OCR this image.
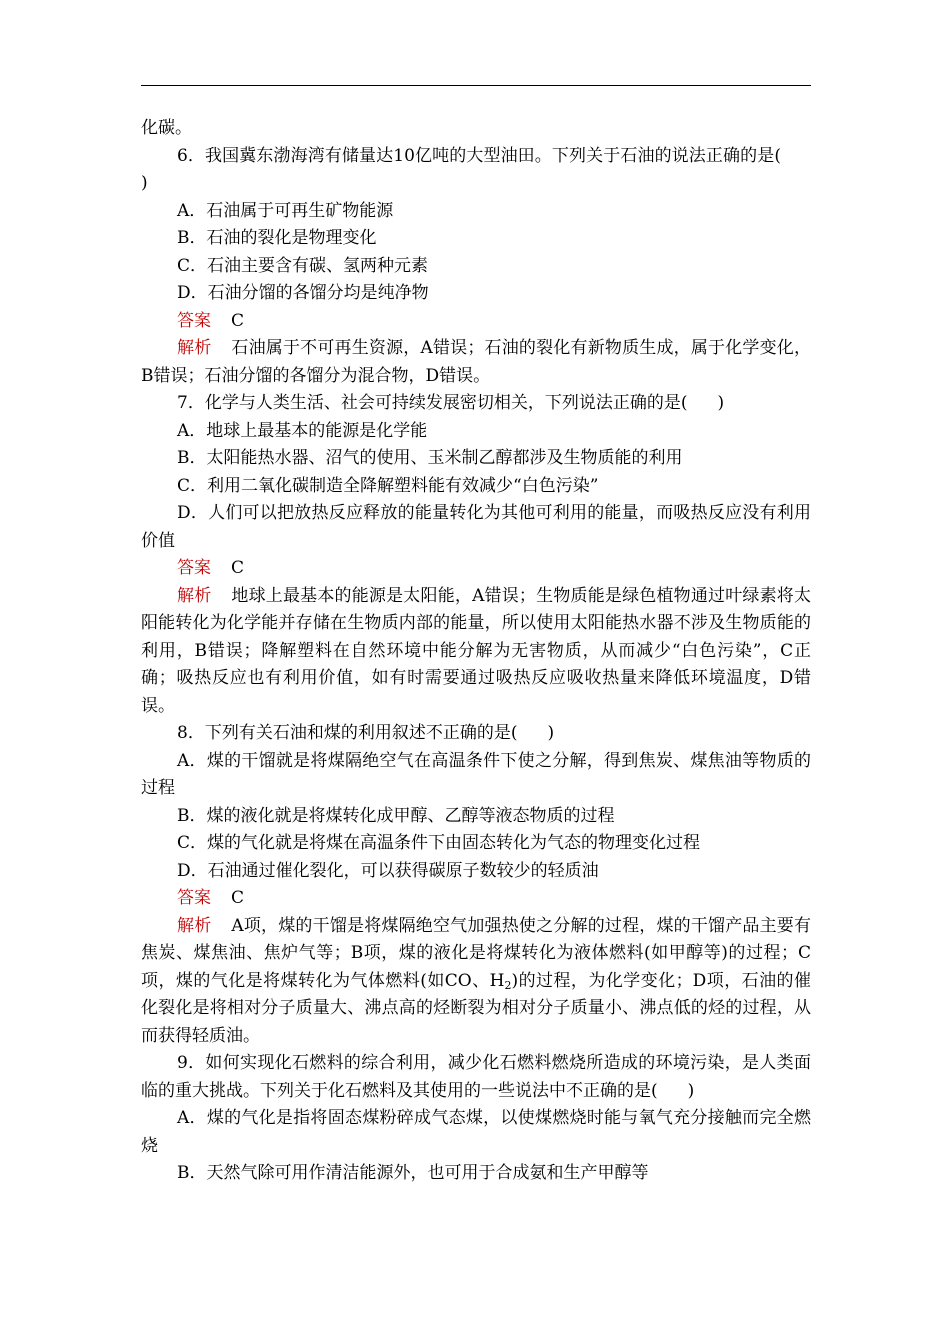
化碳。

6．我国冀东渤海湾有储量达10亿吨的大型油田。下列关于石油的说法正确的是()

A．石油属于可再生矿物能源

B．石油的裂化是物理变化

C．石油主要含有碳、氢两种元素

D．石油分馏的各馏分均是纯净物

答案 C

解析 石油属于不可再生资源，A错误；石油的裂化有新物质生成，属于化学变化，B错误；石油分馏的各馏分为混合物，D错误。

7．化学与人类生活、社会可持续发展密切相关，下列说法正确的是( )

A．地球上最基本的能源是化学能

B．太阳能热水器、沼气的使用、玉米制乙醇都涉及生物质能的利用

C．利用二氧化碳制造全降解塑料能有效减少“白色污染”

D．人们可以把放热反应释放的能量转化为其他可利用的能量，而吸热反应没有利用价值

答案 C

解析 地球上最基本的能源是太阳能，A错误；生物质能是绿色植物通过叶绿素将太阳能转化为化学能并存储在生物质内部的能量，所以使用太阳能热水器不涉及生物质能的利用，B错误；降解塑料在自然环境中能分解为无害物质，从而减少“白色污染”，C正确；吸热反应也有利用价值，如有时需要通过吸热反应吸收热量来降低环境温度，D错误。

8．下列有关石油和煤的利用叙述不正确的是( )

A．煤的干馏就是将煤隔绝空气在高温条件下使之分解，得到焦炭、煤焦油等物质的过程

B．煤的液化就是将煤转化成甲醇、乙醇等液态物质的过程

C．煤的气化就是将煤在高温条件下由固态转化为气态的物理变化过程

D．石油通过催化裂化，可以获得碳原子数较少的轻质油

答案 C

解析 A项，煤的干馏是将煤隔绝空气加强热使之分解的过程，煤的干馏产品主要有焦炭、煤焦油、焦炉气等；B项，煤的液化是将煤转化为液体燃料(如甲醇等)的过程；C项，煤的气化是将煤转化为气体燃料(如CO、$H_2$)的过程，为化学变化；D项，石油的催化裂化是将相对分子质量大、沸点高的烃断裂为相对分子质量小、沸点低的烃的过程，从而获得轻质油。

9．如何实现化石燃料的综合利用，减少化石燃料燃烧所造成的环境污染，是人类面临的重大挑战。下列关于化石燃料及其使用的一些说法中不正确的是( )

A．煤的气化是指将固态煤粉碎成气态煤，以使煤燃烧时能与氧气充分接触而完全燃烧

B．天然气除可用作清洁能源外，也可用于合成氨和生产甲醇等
